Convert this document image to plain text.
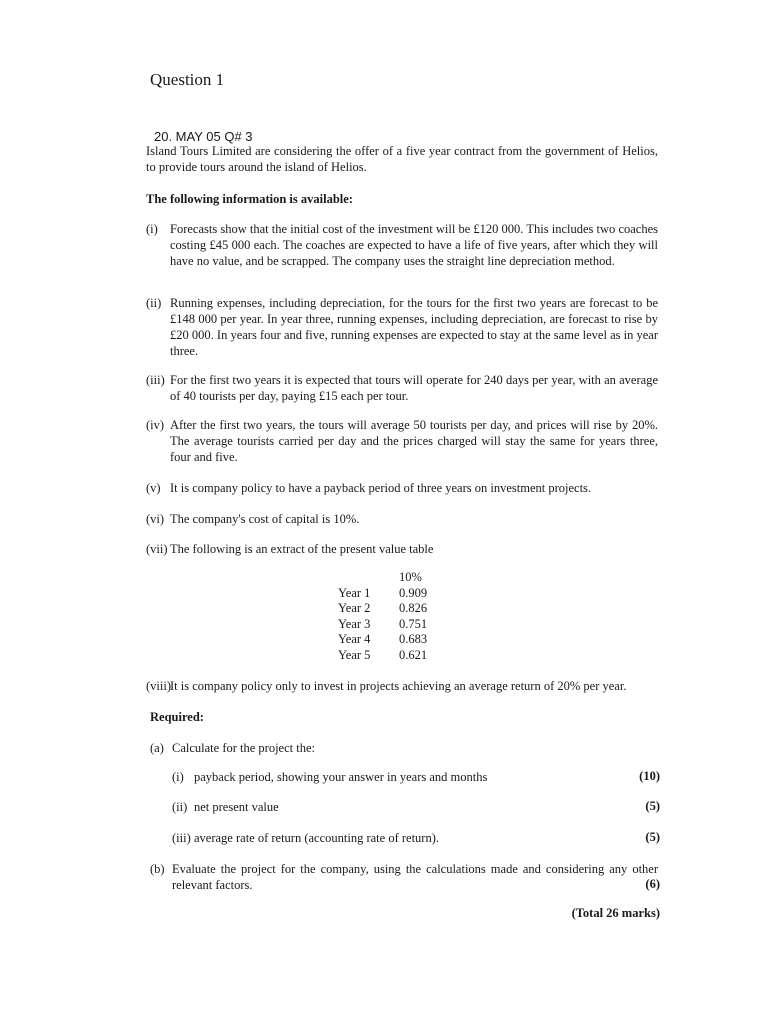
Question 1
20. MAY 05 Q# 3
Island Tours Limited are considering the offer of a five year contract from the government of Helios, to provide tours around the island of Helios.
The following information is available:
(i) Forecasts show that the initial cost of the investment will be £120 000. This includes two coaches costing £45 000 each. The coaches are expected to have a life of five years, after which they will have no value, and be scrapped. The company uses the straight line depreciation method.
(ii) Running expenses, including depreciation, for the tours for the first two years are forecast to be £148 000 per year. In year three, running expenses, including depreciation, are forecast to rise by £20 000. In years four and five, running expenses are expected to stay at the same level as in year three.
(iii) For the first two years it is expected that tours will operate for 240 days per year, with an average of 40 tourists per day, paying £15 each per tour.
(iv) After the first two years, the tours will average 50 tourists per day, and prices will rise by 20%. The average tourists carried per day and the prices charged will stay the same for years three, four and five.
(v) It is company policy to have a payback period of three years on investment projects.
(vi) The company's cost of capital is 10%.
(vii) The following is an extract of the present value table
	10%
Year 1	0.909
Year 2	0.826
Year 3	0.751
Year 4	0.683
Year 5	0.621
(viii) It is company policy only to invest in projects achieving an average return of 20% per year.
Required:
(a) Calculate for the project the:
(i) payback period, showing your answer in years and months	(10)
(ii) net present value	(5)
(iii) average rate of return (accounting rate of return).	(5)
(b) Evaluate the project for the company, using the calculations made and considering any other relevant factors.	(6)
(Total 26 marks)
